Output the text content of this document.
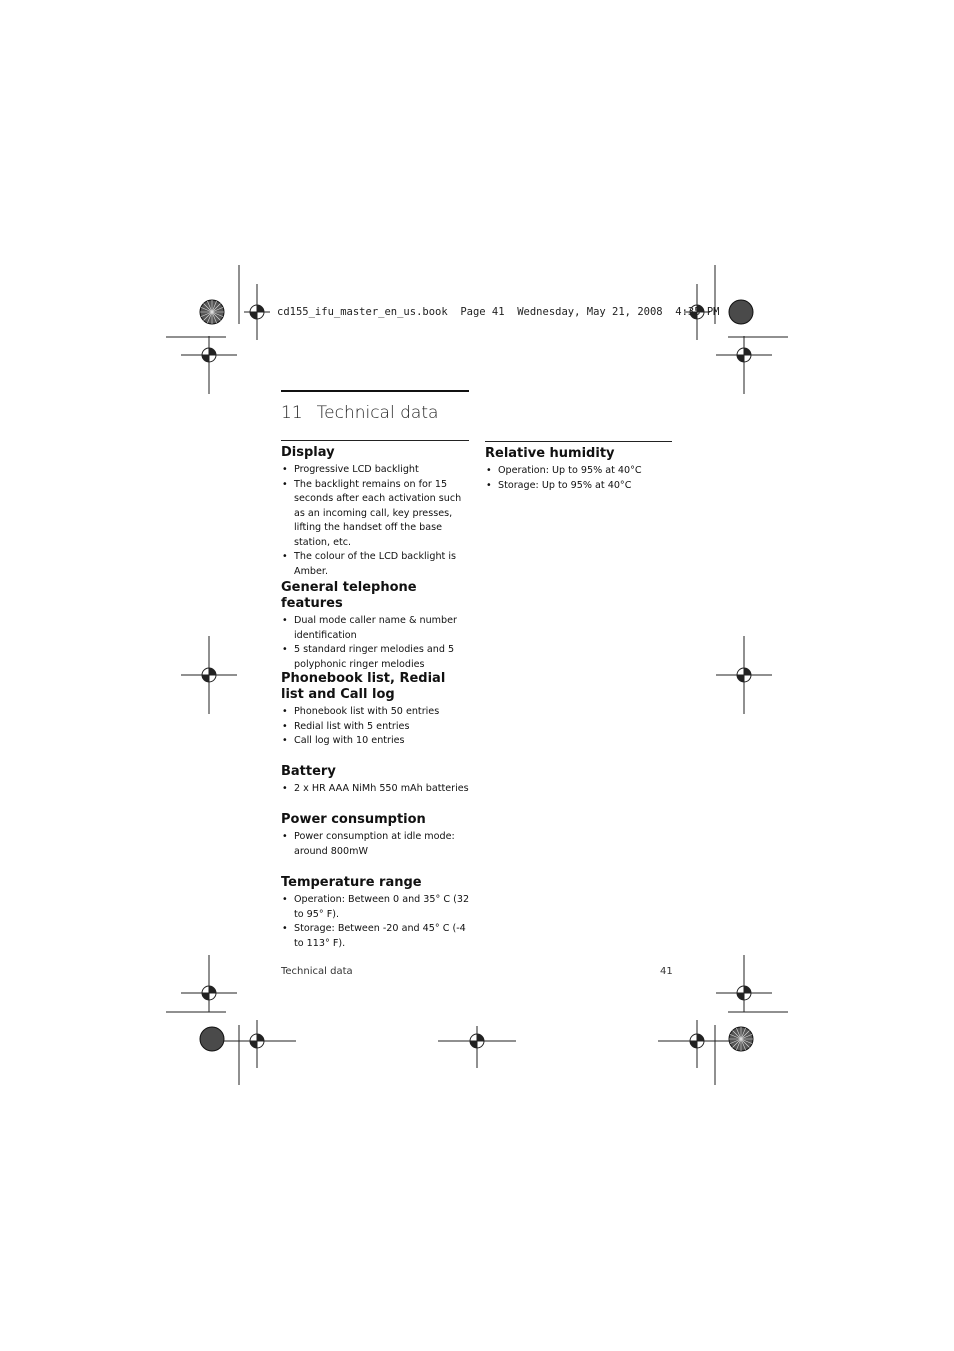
cd155_ifu_master_en_us.book  Page 41  Wednesday, May 21, 2008  4:35 PM
11 Technical data
Display
• Progressive LCD backlight
• The backlight remains on for 15 seconds after each activation such as an incoming call, key presses, lifting the handset off the base station, etc.
• The colour of the LCD backlight is Amber.
General telephone features
• Dual mode caller name & number identification
• 5 standard ringer melodies and 5 polyphonic ringer melodies
Phonebook list, Redial list and Call log
• Phonebook list with 50 entries
• Redial list with 5 entries
• Call log with 10 entries
Battery
• 2 x HR AAA NiMh 550 mAh batteries
Power consumption
• Power consumption at idle mode: around 800mW
Temperature range
• Operation: Between 0 and 35° C (32 to 95° F).
• Storage: Between -20 and 45° C (-4 to 113° F).
Relative humidity
• Operation: Up to 95% at 40°C
• Storage: Up to 95% at 40°C
Technical data	41
